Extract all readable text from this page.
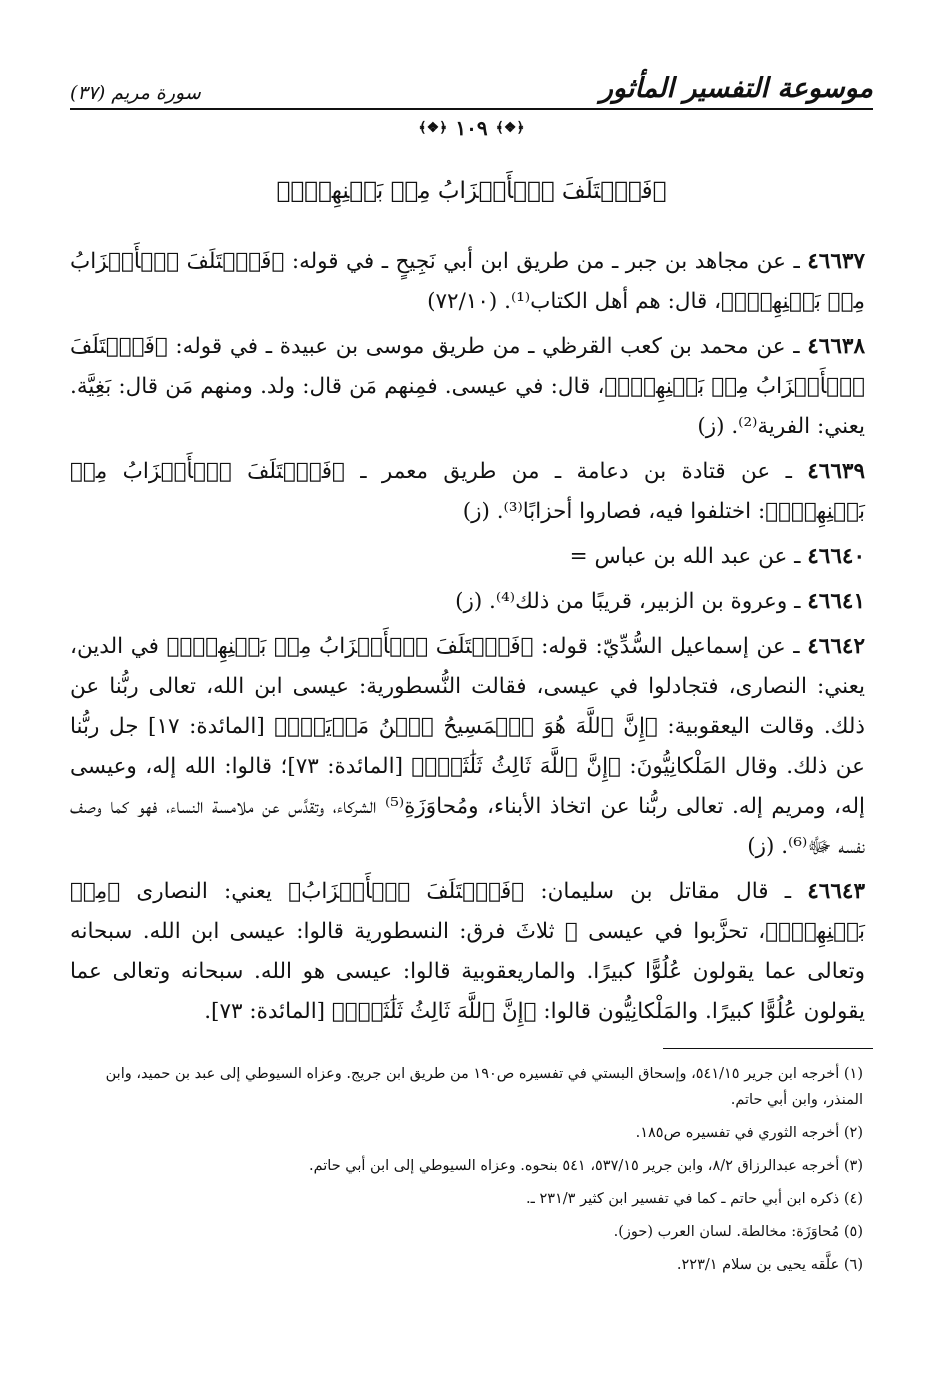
موسوعة التفسير المأثور
سورة مريم (٣٧)
﴿❖﴾
١٠٩
﴿❖﴾
﴿فَٱخۡتَلَفَ ٱلۡأَحۡزَابُ مِنۢ بَيۡنِهِمۡۖ﴾

٤٦٦٣٧ ـ عن مجاهد بن جبر ـ من طريق ابن أبي نَجِيحٍ ـ في قوله: ﴿فَٱخۡتَلَفَ ٱلۡأَحۡزَابُ مِنۢ بَيۡنِهِمۡۖ﴾، قال: هم أهل الكتاب⁽¹⁾. (٧٢/١٠)

٤٦٦٣٨ ـ عن محمد بن كعب القرظي ـ من طريق موسى بن عبيدة ـ في قوله: ﴿فَٱخۡتَلَفَ ٱلۡأَحۡزَابُ مِنۢ بَيۡنِهِمۡۖ﴾، قال: في عيسى. فمِنهم مَن قال: ولد. ومنهم مَن قال: بَغِيَّة. يعني: الفرية⁽²⁾. (ز)

٤٦٦٣٩ ـ عن قتادة بن دعامة ـ من طريق معمر ـ ﴿فَٱخۡتَلَفَ ٱلۡأَحۡزَابُ مِنۢ بَيۡنِهِمۡۖ﴾: اختلفوا فيه، فصاروا أحزابًا⁽³⁾. (ز)

٤٦٦٤٠ ـ عن عبد الله بن عباس =

٤٦٦٤١ ـ وعروة بن الزبير، قريبًا من ذلك⁽⁴⁾. (ز)

٤٦٦٤٢ ـ عن إسماعيل السُّدِّيّ: قوله: ﴿فَٱخۡتَلَفَ ٱلۡأَحۡزَابُ مِنۢ بَيۡنِهِمۡۖ﴾ في الدين، يعني: النصارى، فتجادلوا في عيسى، فقالت النُّسطورية: عيسى ابن الله، تعالى ربُّنا عن ذلك. وقالت اليعقوبية: ﴿إِنَّ ٱللَّهَ هُوَ ٱلۡمَسِيحُ ٱبۡنُ مَرۡيَمَۖ﴾ [المائدة: ١٧] جل ربُّنا عن ذلك. وقال المَلْكانِيُّونَ: ﴿إِنَّ ٱللَّهَ ثَالِثُ ثَلَٰثَةٖۘ﴾ [المائدة: ٧٣]؛ قالوا: الله إله، وعيسى إله، ومريم إله. تعالى ربُّنا عن اتخاذ الأبناء، ومُحاوَزَةِ⁽⁵⁾ الشركاء، وتقدَّس عن ملامسة النساء، فهو كما وصف نفسه ﷻ⁽⁶⁾. (ز)

٤٦٦٤٣ ـ قال مقاتل بن سليمان: ﴿فَٱخۡتَلَفَ ٱلۡأَحۡزَابُ﴾ يعني: النصارى ﴿مِنۢ بَيۡنِهِمۡۖ﴾، تحزَّبوا في عيسى ﷺ ثلاثَ فرق: النسطورية قالوا: عيسى ابن الله. سبحانه وتعالى عما يقولون عُلُوًّا كبيرًا. والماريعقوبية قالوا: عيسى هو الله. سبحانه وتعالى عما يقولون عُلُوًّا كبيرًا. والمَلْكانِيُّون قالوا: ﴿إِنَّ ٱللَّهَ ثَالِثُ ثَلَٰثَةٖۘ﴾ [المائدة: ٧٣].

(١) أخرجه ابن جرير ٥٤١/١٥، وإسحاق البستي في تفسيره ص١٩٠ من طريق ابن جريج. وعزاه السيوطي إلى عبد بن حميد، وابن المنذر، وابن أبي حاتم.

(٢) أخرجه الثوري في تفسيره ص١٨٥.

(٣) أخرجه عبدالرزاق ٨/٢، وابن جرير ٥٣٧/١٥، ٥٤١ بنحوه. وعزاه السيوطي إلى ابن أبي حاتم.

(٤) ذكره ابن أبي حاتم ـ كما في تفسير ابن كثير ٢٣١/٣ ـ.

(٥) مُحاوَزَة: مخالطة. لسان العرب (حوز).

(٦) علَّقه يحيى بن سلام ٢٢٣/١.
